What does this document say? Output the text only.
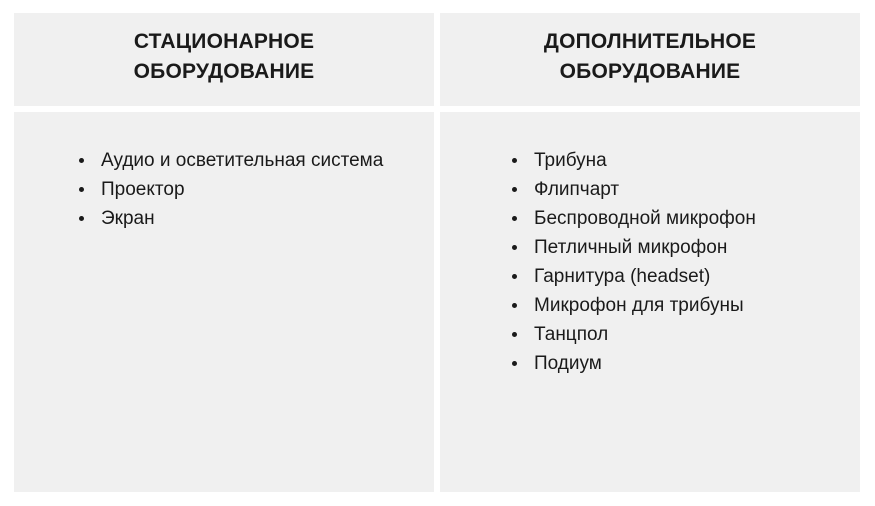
СТАЦИОНАРНОЕ
ОБОРУДОВАНИЕ
ДОПОЛНИТЕЛЬНОЕ
ОБОРУДОВАНИЕ
Аудио и осветительная система
Проектор
Экран
Трибуна
Флипчарт
Беспроводной микрофон
Петличный микрофон
Гарнитура (headset)
Микрофон для трибуны
Танцпол
Подиум
